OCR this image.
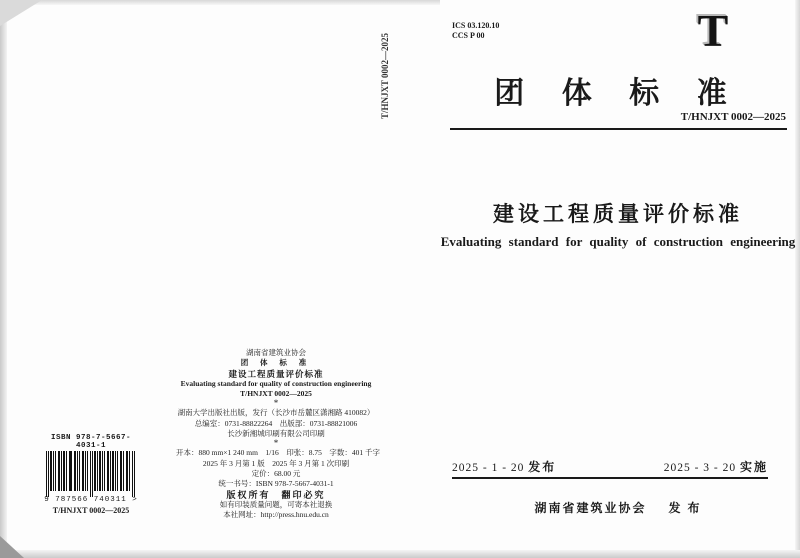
ICS 03.120.10
CCS P 00	T
团 体 标 准
T/HNJXT 0002—2025
建设工程质量评价标准
Evaluating standard for quality of construction engineering
2025 - 1 - 20 发布	2025 - 3 - 20 实施
湖南省建筑业协会 发 布
T/HNJXT 0002—2025
湖南省建筑业协会
团 体 标 准
建设工程质量评价标准
Evaluating standard for quality of construction engineering
T/HNJXT 0002—2025
*
湖南大学出版社出版，发行（长沙市岳麓区潇湘路 410082）
总编室：0731-88822264　出版部：0731-88821006
长沙新湘城印刷有限公司印刷
*
开本：880 mm×1 240 mm　1/16　印张：8.75　字数：401 千字
2025 年 3 月第 1 版　2025 年 3 月第 1 次印刷
定价：68.00 元
统一书号：ISBN 978-7-5667-4031-1
版权所有　翻印必究
如有印装质量问题，可寄本社退换
本社网址：http://press.hnu.edu.cn
ISBN 978-7-5667-4031-1
9 787566 740311 >
T/HNJXT 0002—2025
